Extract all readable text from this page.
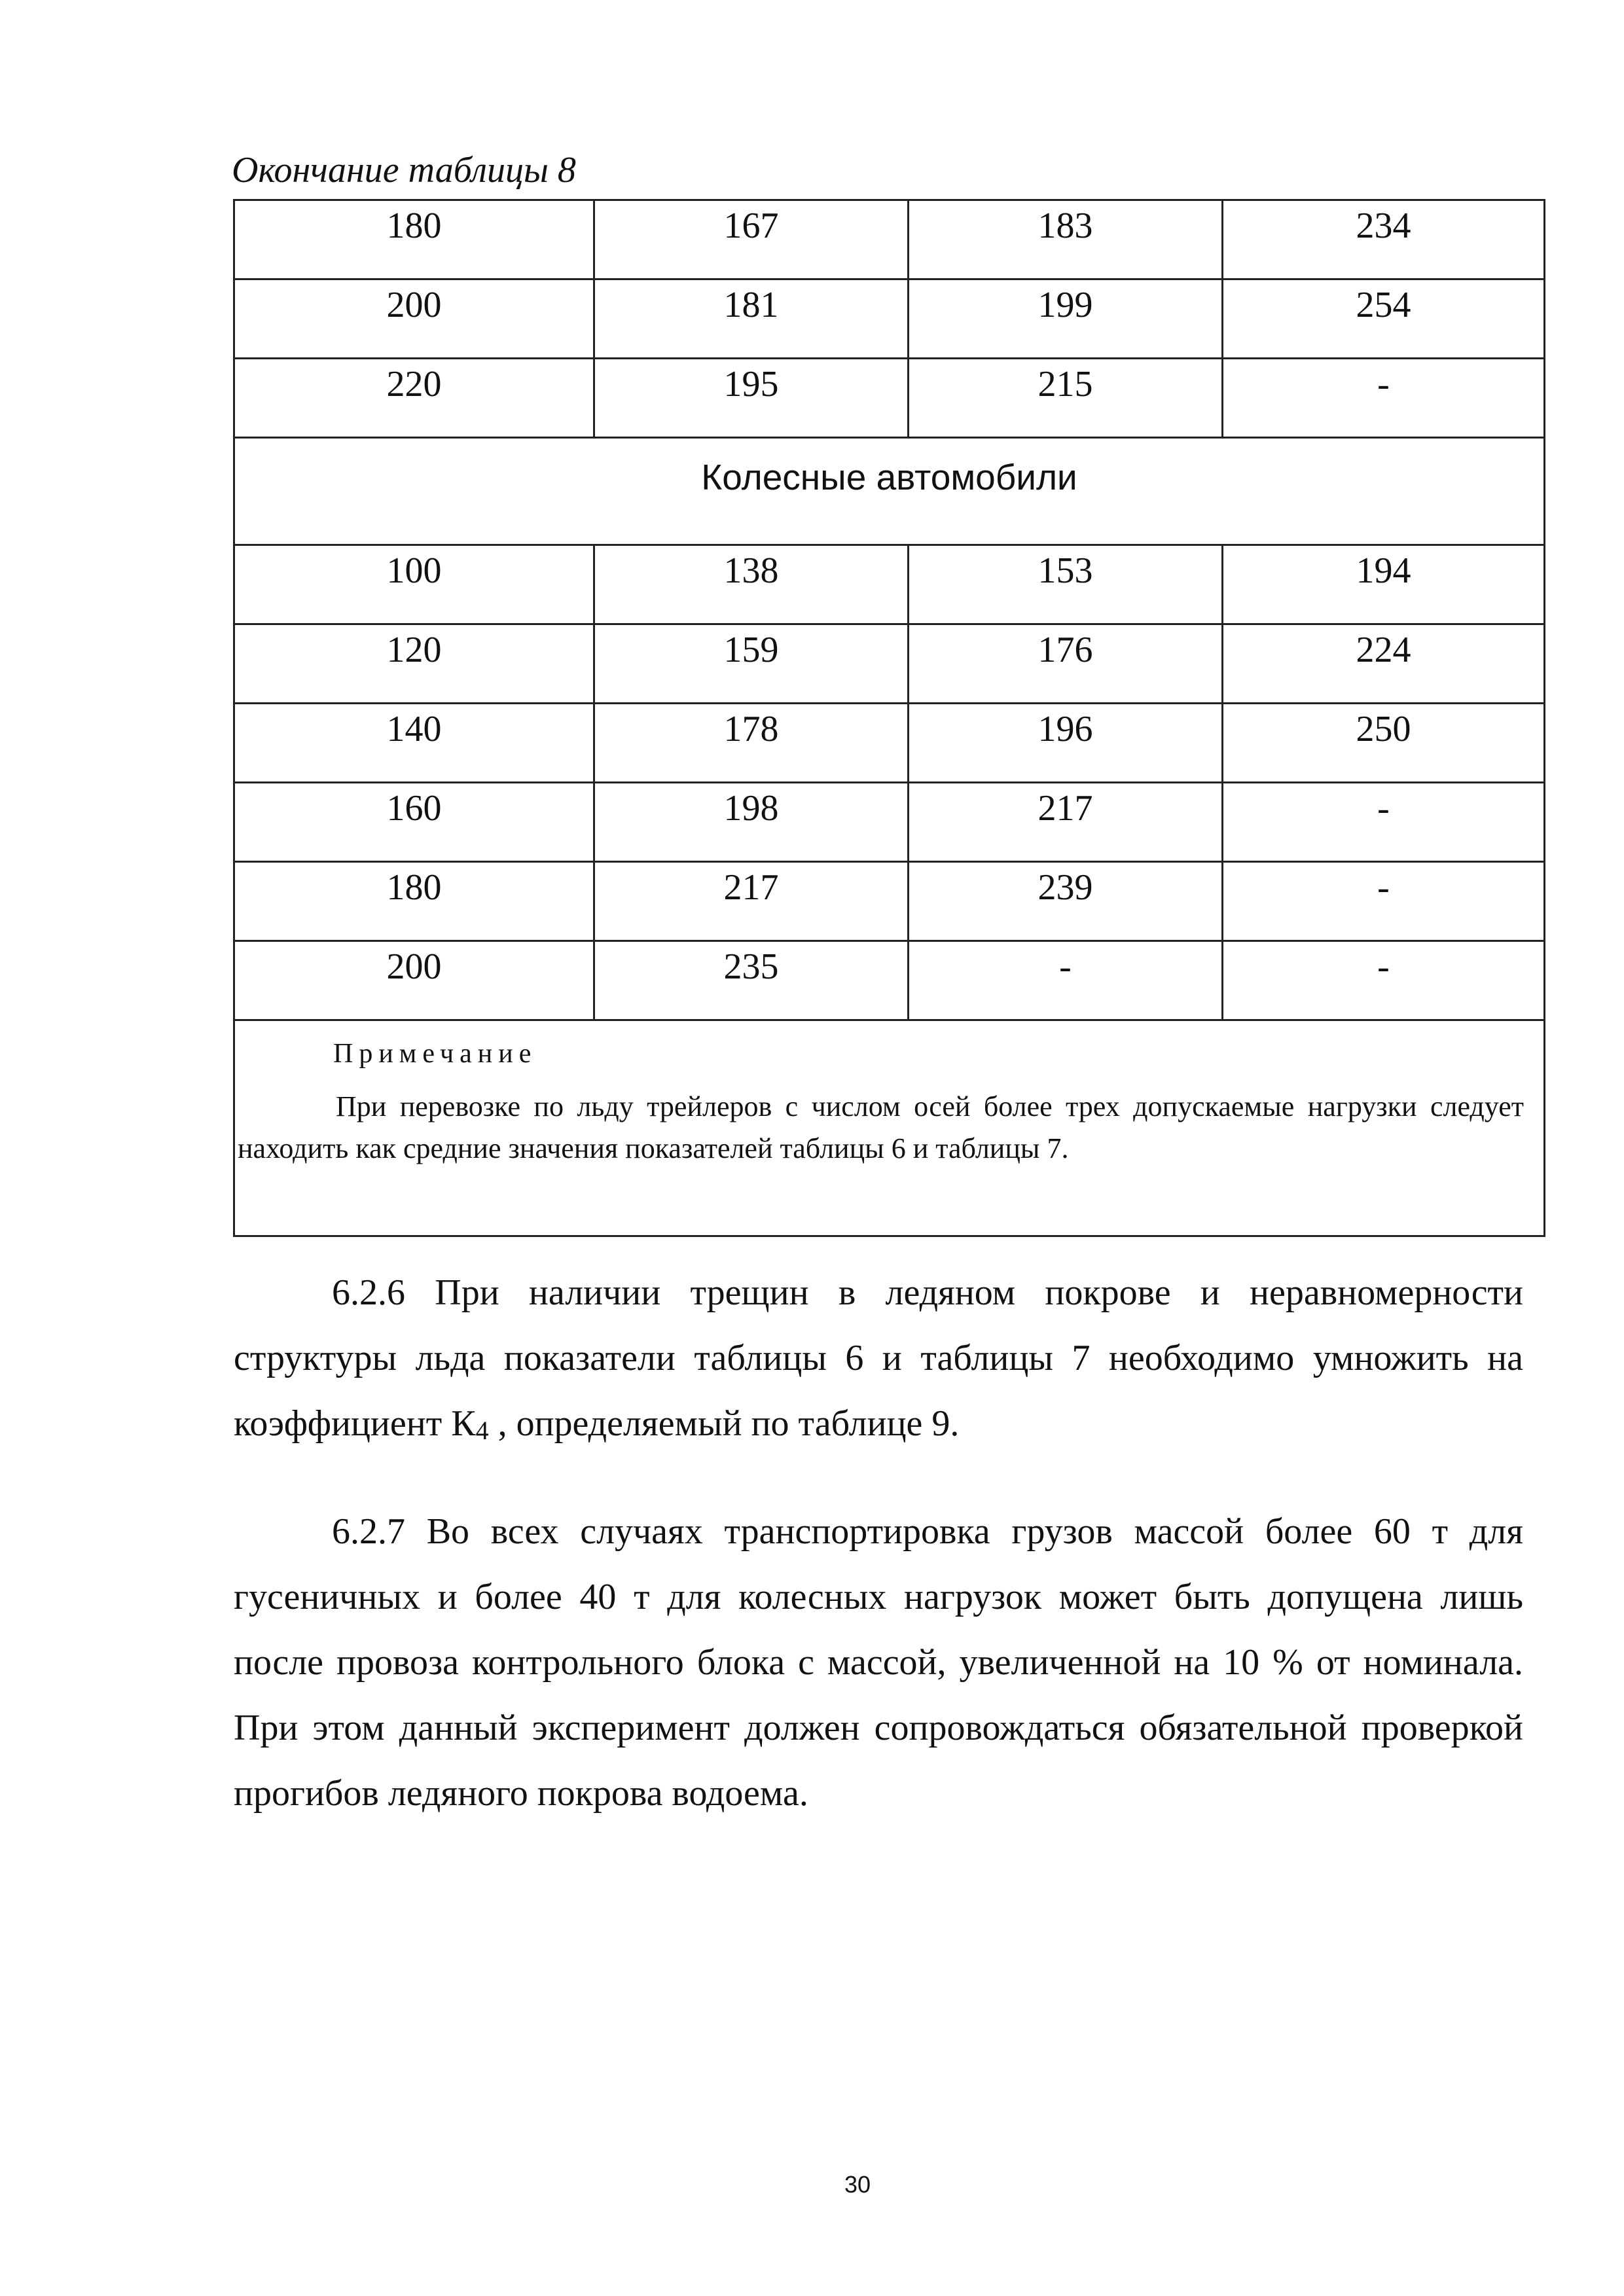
Окончание таблицы 8
180	167	183	234
200	181	199	254
220	195	215	-
Колесные автомобили			
100	138	153	194
120	159	176	224
140	178	196	250
160	198	217	-
180	217	239	-
200	235	-	-

Примечание
При перевозке по льду трейлеров с числом осей более трех допускаемые нагрузки следует находить как средние значения показателей таблицы 6 и таблицы 7.			

6.2.6 При наличии трещин в ледяном покрове и неравномерности структуры льда показатели таблицы 6 и таблицы 7 необходимо умножить на коэффициент $К_4$ , определяемый по таблице 9.

6.2.7 Во всех случаях транспортировка грузов массой более 60 т для гусеничных и более 40 т для колесных нагрузок может быть допущена лишь после провоза контрольного блока с массой, увеличенной на 10 % от номинала. При этом данный эксперимент должен сопровождаться обязательной проверкой прогибов ледяного покрова водоема.

30
